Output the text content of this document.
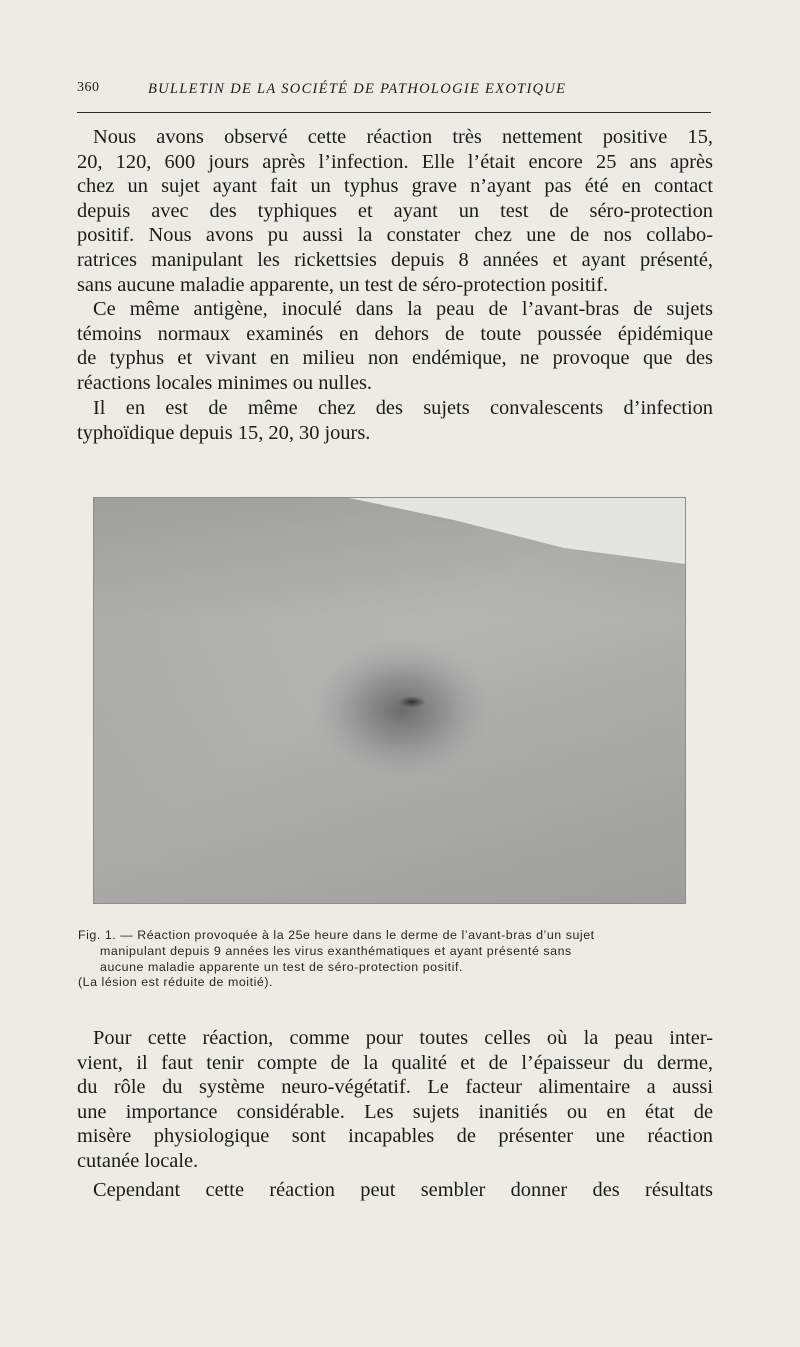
360	BULLETIN DE LA SOCIÉTÉ DE PATHOLOGIE EXOTIQUE
Nous avons observé cette réaction très nettement positive 15,
20, 120, 600 jours après l’infection. Elle l’était encore 25 ans après
chez un sujet ayant fait un typhus grave n’ayant pas été en contact
depuis avec des typhiques et ayant un test de séro-protection
positif. Nous avons pu aussi la constater chez une de nos collabo-
ratrices manipulant les rickettsies depuis 8 années et ayant présenté,
sans aucune maladie apparente, un test de séro-protection positif.
Ce même antigène, inoculé dans la peau de l’avant-bras de sujets
témoins normaux examinés en dehors de toute poussée épidémique
de typhus et vivant en milieu non endémique, ne provoque que des
réactions locales minimes ou nulles.
Il en est de même chez des sujets convalescents d’infection
typhoïdique depuis 15, 20, 30 jours.
Fig. 1. — Réaction provoquée à la 25e heure dans le derme de l’avant-bras d’un sujet
manipulant depuis 9 années les virus exanthématiques et ayant présenté sans
aucune maladie apparente un test de séro-protection positif.
(La lésion est réduite de moitié).
Pour cette réaction, comme pour toutes celles où la peau inter-
vient, il faut tenir compte de la qualité et de l’épaisseur du derme,
du rôle du système neuro-végétatif. Le facteur alimentaire a aussi
une importance considérable. Les sujets inanitiés ou en état de
misère physiologique sont incapables de présenter une réaction
cutanée locale.
Cependant cette réaction peut sembler donner des résultats
